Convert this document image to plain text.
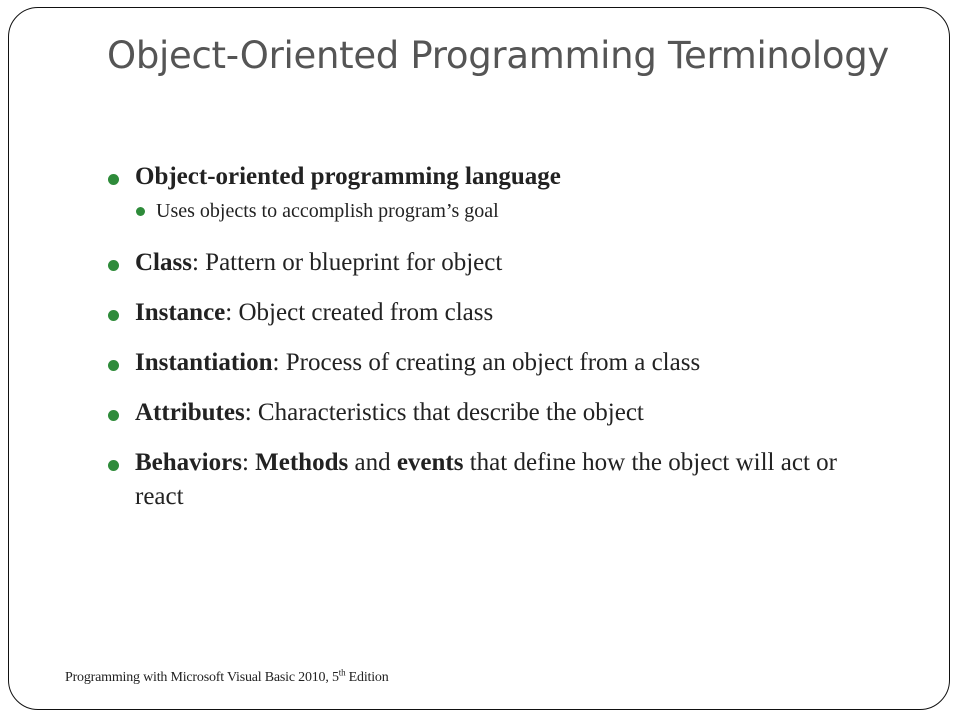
Object-Oriented Programming Terminology
Object-oriented programming language
Uses objects to accomplish program’s goal
Class: Pattern or blueprint for object
Instance: Object created from class
Instantiation: Process of creating an object from a class
Attributes: Characteristics that describe the object
Behaviors: Methods and events that define how the object will act or react
Programming with Microsoft Visual Basic 2010, 5th Edition
